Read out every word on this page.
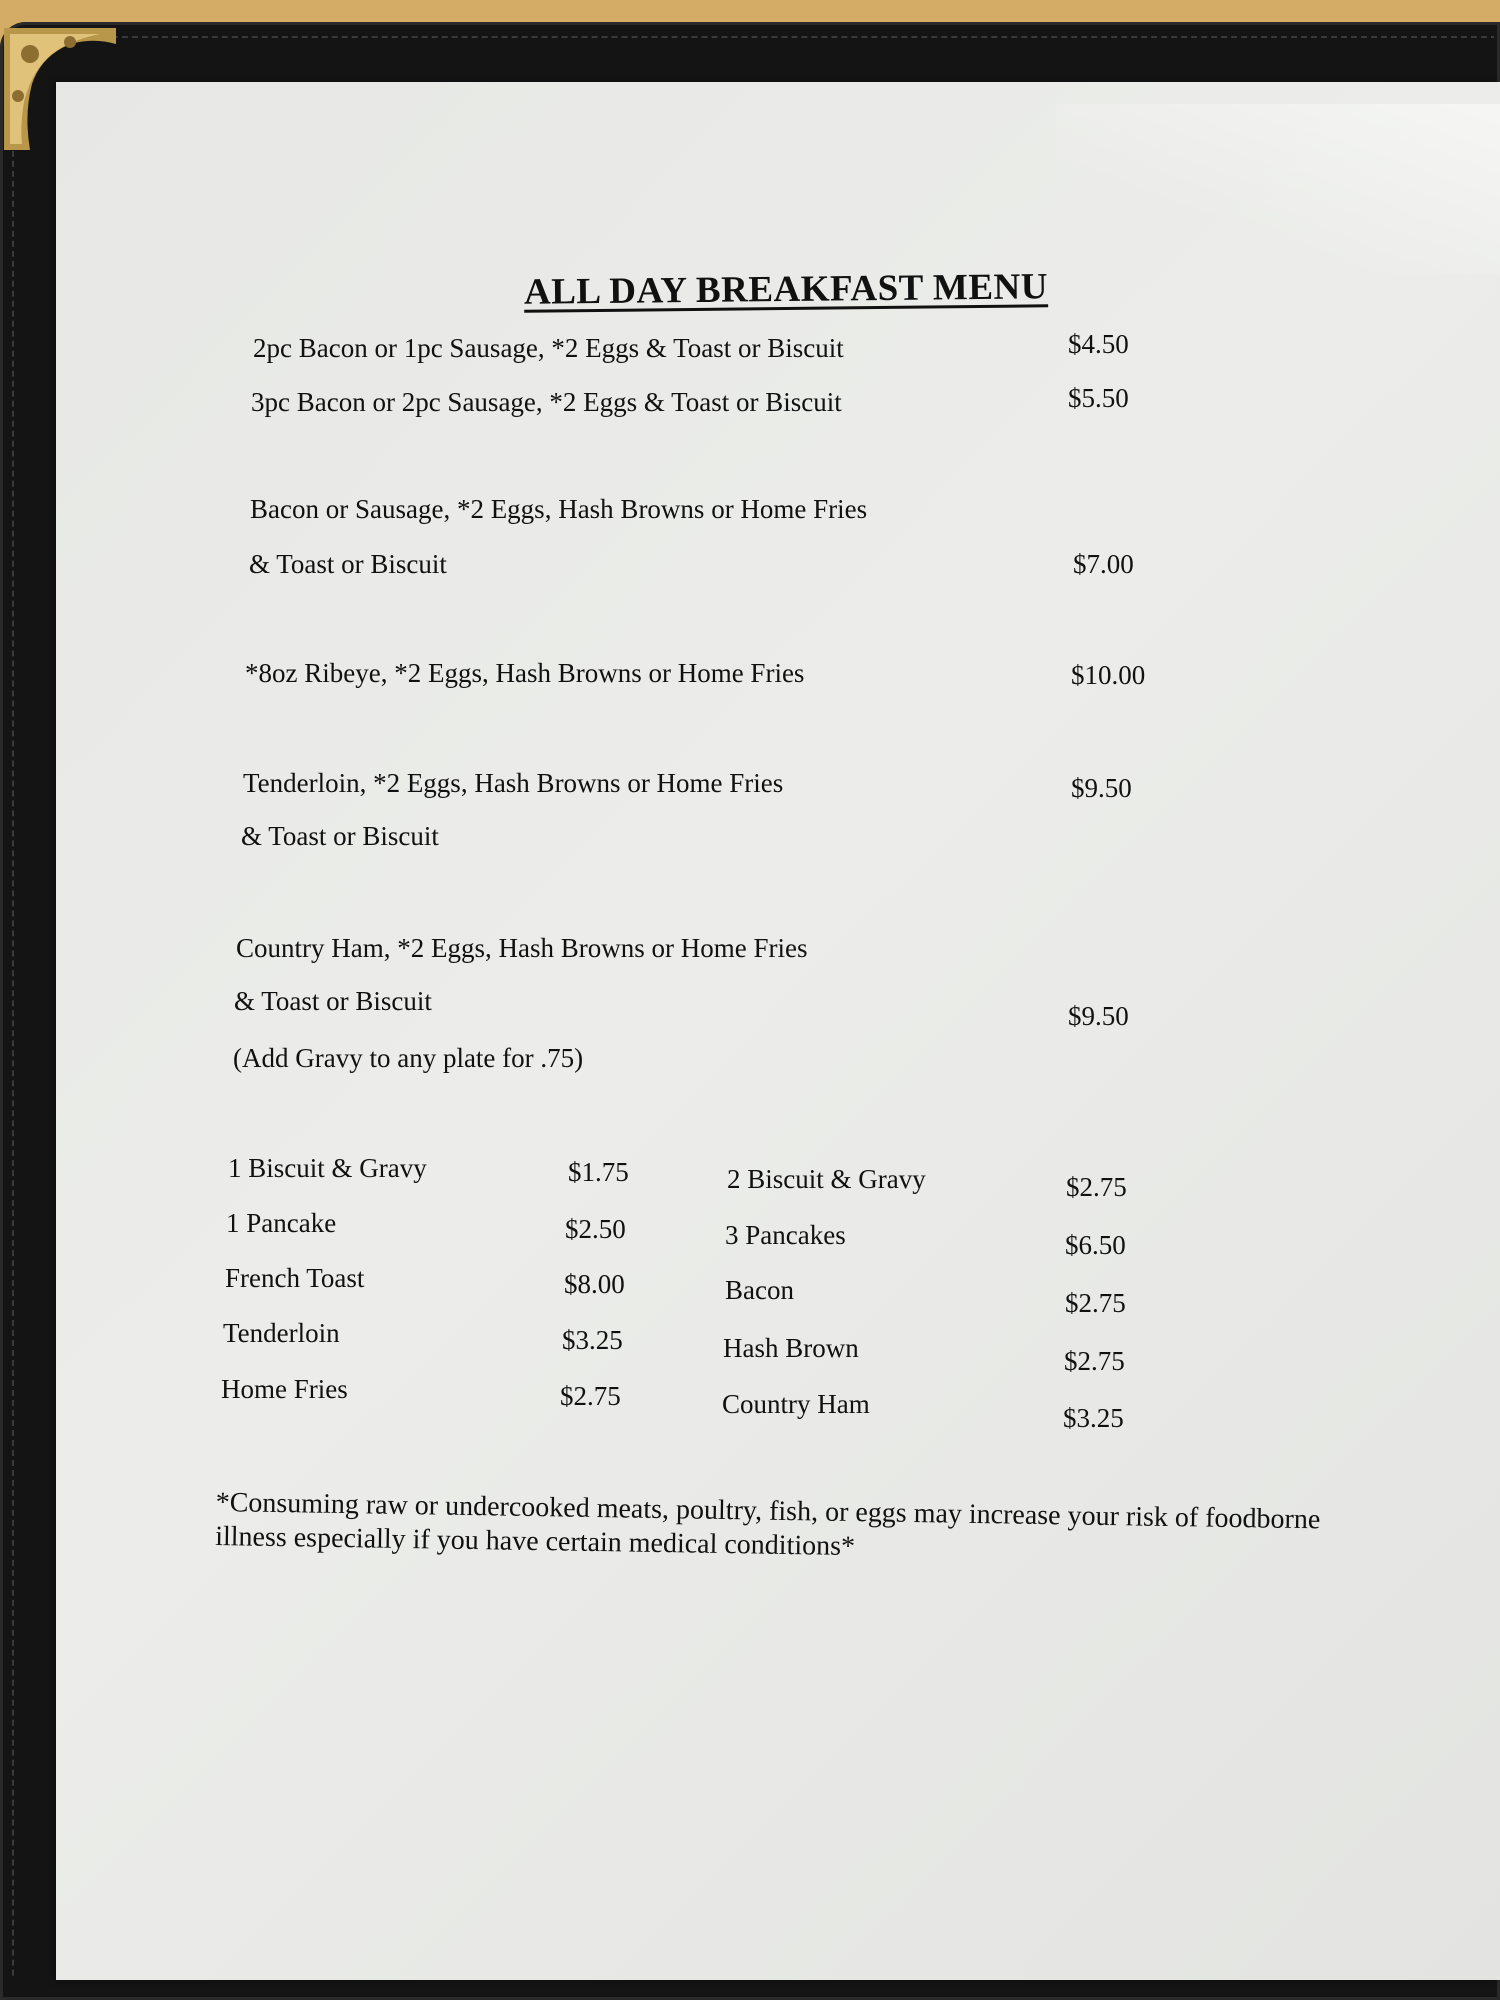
ALL DAY BREAKFAST MENU
2pc Bacon or 1pc Sausage, *2 Eggs & Toast or Biscuit	$4.50
3pc Bacon or 2pc Sausage, *2 Eggs & Toast or Biscuit	$5.50
Bacon or Sausage, *2 Eggs, Hash Browns or Home Fries
& Toast or Biscuit	$7.00
*8oz Ribeye, *2 Eggs, Hash Browns or Home Fries	$10.00
Tenderloin, *2 Eggs, Hash Browns or Home Fries
& Toast or Biscuit
$9.50
Country Ham, *2 Eggs, Hash Browns or Home Fries
& Toast or Biscuit
(Add Gravy to any plate for .75)
$9.50
1 Biscuit & Gravy	$1.75
1 Pancake	$2.50
French Toast	$8.00
Tenderloin	$3.25
Home Fries	$2.75
2 Biscuit & Gravy	$2.75
3 Pancakes	$6.50
Bacon	$2.75
Hash Brown	$2.75
Country Ham	$3.25
*Consuming raw or undercooked meats, poultry, fish, or eggs may increase your risk of foodborne illness especially if you have certain medical conditions*
